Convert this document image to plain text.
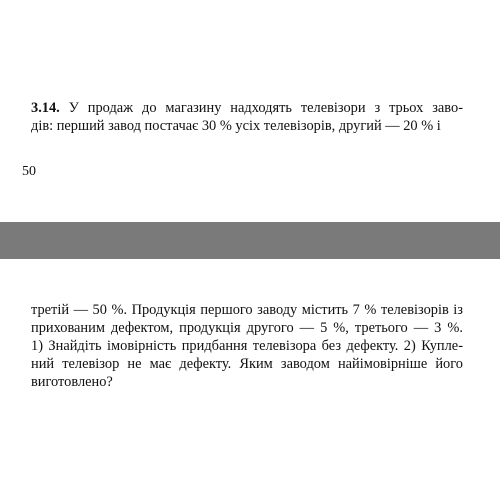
3.14. У продаж до магазину надходять телевізори з трьох заво-
дів: перший завод постачає 30 % усіх телевізорів, другий — 20 % і
50
третій — 50 %. Продукція першого заводу містить 7 % телевізорів із
прихованим дефектом, продукція другого — 5 %, третього — 3 %.
1) Знайдіть імовірність придбання телевізора без дефекту. 2) Купле-
ний телевізор не має дефекту. Яким заводом найімовірніше його
виготовлено?
